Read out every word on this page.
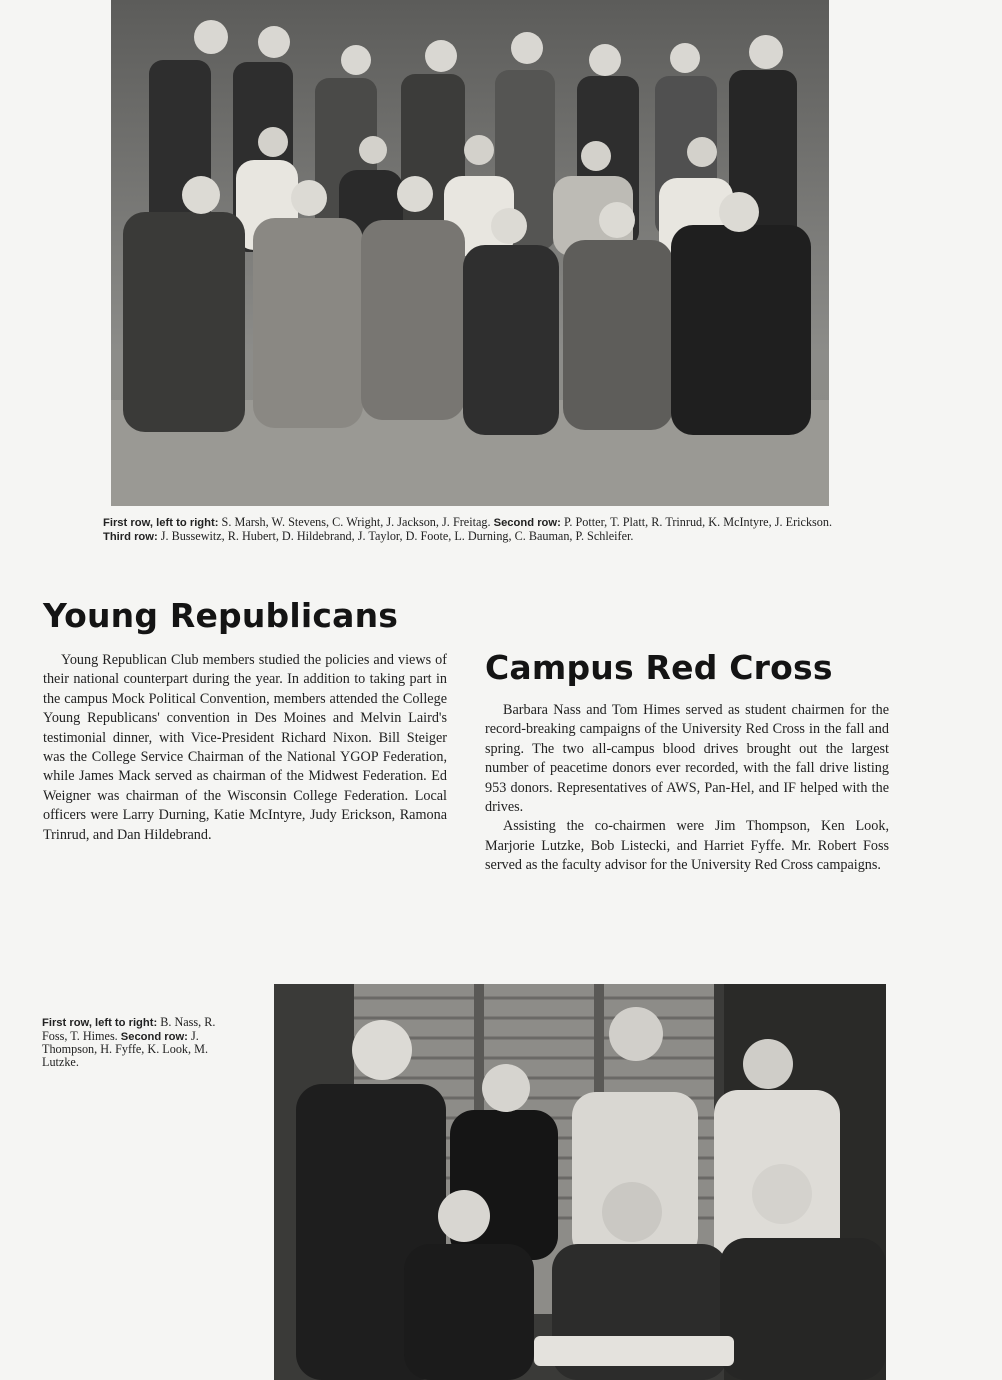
First row, left to right: S. Marsh, W. Stevens, C. Wright, J. Jackson, J. Freitag. Second row: P. Potter, T. Platt, R. Trinrud, K. McIntyre, J. Erickson. Third row: J. Bussewitz, R. Hubert, D. Hildebrand, J. Taylor, D. Foote, L. Durning, C. Bauman, P. Schleifer.
Young Republicans

Young Republican Club members studied the policies and views of their national counterpart during the year. In addition to taking part in the campus Mock Political Convention, members attended the College Young Republicans' convention in Des Moines and Melvin Laird's testimonial dinner, with Vice-President Richard Nixon. Bill Steiger was the College Service Chairman of the National YGOP Federation, while James Mack served as chairman of the Midwest Federation. Ed Weigner was chairman of the Wisconsin College Federation. Local officers were Larry Durning, Katie McIntyre, Judy Erickson, Ramona Trinrud, and Dan Hildebrand.

Campus Red Cross

Barbara Nass and Tom Himes served as student chairmen for the record-breaking campaigns of the University Red Cross in the fall and spring. The two all-campus blood drives brought out the largest number of peacetime donors ever recorded, with the fall drive listing 953 donors. Representatives of AWS, Pan-Hel, and IF helped with the drives.

Assisting the co-chairmen were Jim Thompson, Ken Look, Marjorie Lutzke, Bob Listecki, and Harriet Fyffe. Mr. Robert Foss served as the faculty advisor for the University Red Cross campaigns.

First row, left to right: B. Nass, R. Foss, T. Himes. Second row: J. Thompson, H. Fyffe, K. Look, M. Lutzke.
